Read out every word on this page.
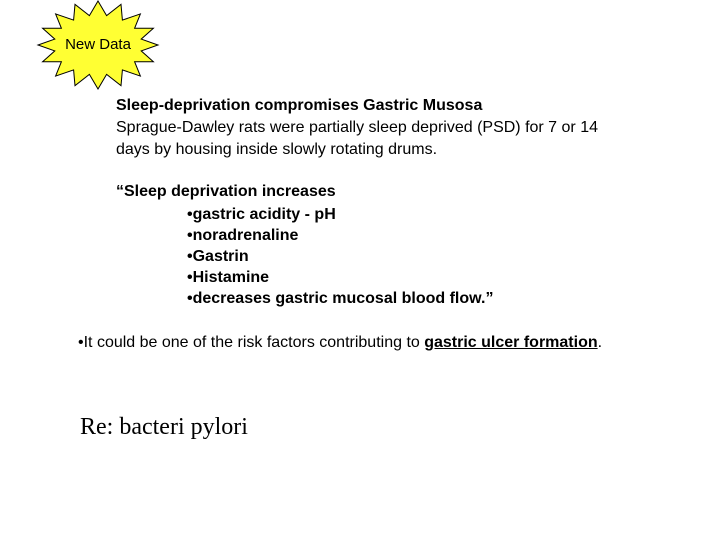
New Data
Sleep-deprivation compromises Gastric Musosa
Sprague-Dawley rats were partially sleep deprived (PSD) for 7 or 14
days by housing inside slowly rotating drums.
“Sleep deprivation increases
•gastric acidity - pH
•noradrenaline
•Gastrin
•Histamine
•decreases gastric mucosal blood flow.”
•It could be one of the risk factors contributing to gastric ulcer formation.
Re: bacteri pylori
